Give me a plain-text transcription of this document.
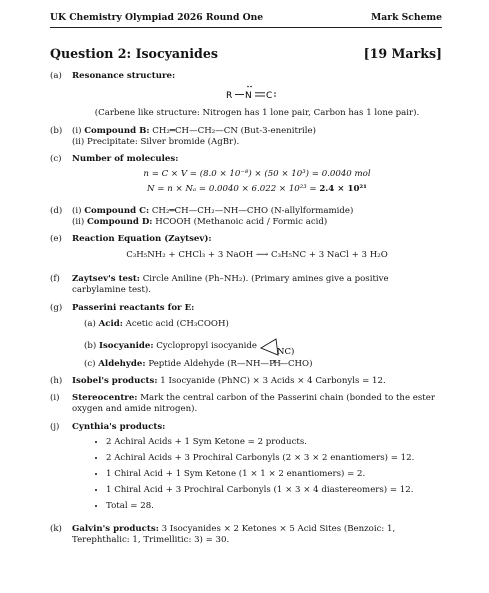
UK Chemistry Olympiad 2026 Round One	Mark Scheme
Question 2: Isocyanides	[19 Marks]
(a)	Resonance structure:
R N C
(Carbene like structure: Nitrogen has 1 lone pair, Carbon has 1 lone pair).
(b)	(i) Compound B: CH₂═CH—CH₂—CN (But-3-enenitrile)
(ii) Precipitate: Silver bromide (AgBr).
(c)	Number of molecules:
n = C × V = (8.0 × 10⁻⁸) × (50 × 10³) = 0.0040 mol
N = n × Nₐ = 0.0040 × 6.022 × 10²³ = 2.4 × 10²¹
(d)	(i) Compound C: CH₂═CH—CH₂—NH—CHO (N-allylformamide)
(ii) Compound D: HCOOH (Methanoic acid / Formic acid)
(e)	Reaction Equation (Zaytsev):
C₃H₅NH₂ + CHCl₃ + 3 NaOH ⟶ C₃H₅NC + 3 NaCl + 3 H₂O
(f)	Zaytsev's test: Circle Aniline (Ph–NH₂). (Primary amines give a positive carbylamine test).
(g)	Passerini reactants for E:
(a) Acid: Acetic acid (CH₃COOH)
(b)
Isocyanide:
Cyclopropyl isocyanide
NC )
(c) Aldehyde: Peptide Aldehyde (R—NH—PH—CHO)
(h)	Isobel's products: 1 Isocyanide (PhNC) × 3 Acids × 4 Carbonyls = 12.
(i)	Stereocentre: Mark the central carbon of the Passerini chain (bonded to the ester oxygen and amide nitrogen).
(j)	Cynthia's products:
• 2 Achiral Acids + 1 Sym Ketone = 2 products.
• 2 Achiral Acids + 3 Prochiral Carbonyls (2 × 3 × 2 enantiomers) = 12.
• 1 Chiral Acid + 1 Sym Ketone (1 × 1 × 2 enantiomers) = 2.
• 1 Chiral Acid + 3 Prochiral Carbonyls (1 × 3 × 4 diastereomers) = 12.
• Total = 28.
(k)	Galvin's products: 3 Isocyanides × 2 Ketones × 5 Acid Sites (Benzoic: 1, Terephthalic: 1, Trimellitic: 3) = 30.
